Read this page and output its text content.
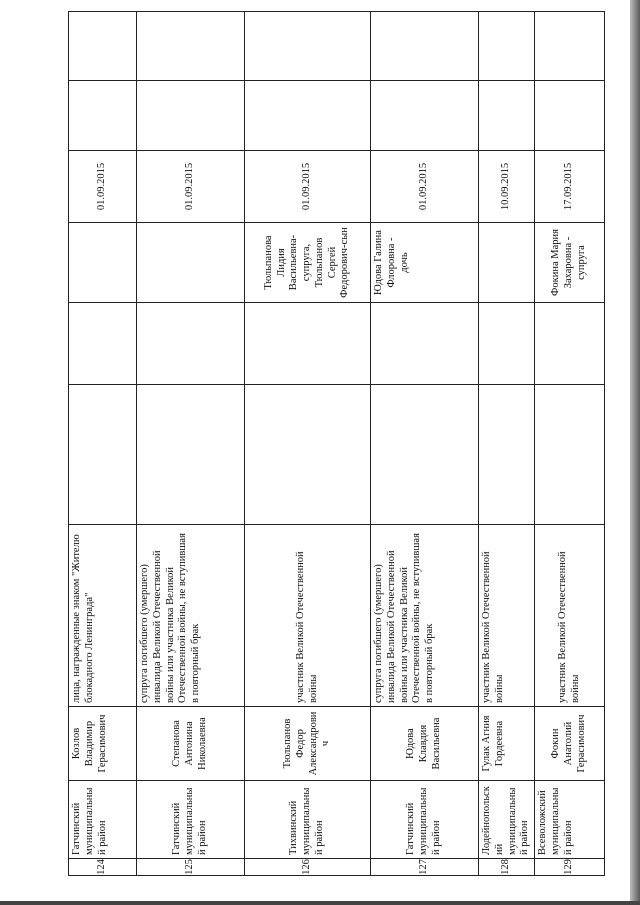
124	Гатчинский муниципальный район	Козлов Владимир Герасимович	лица, награжденные знаком "Жителю блокадного Ленинграда"				01.09.2015		
125	Гатчинский муниципальный район	Степанова Антонина Николаевна	супруга погибшего (умершего) инвалида Великой Отечественной войны или участника Великой Отечественной войны, не вступившая в повторный брак				01.09.2015		
126	Тихвинский муниципальный район	Тюльпанов Федор Александрович	участник Великой Отечественной войны			Тюльпанова Лидия Васильевна- супруга, Тюльпанов Сергей Федорович-сын	01.09.2015		
127	Гатчинский муниципальный район	Юдова Клавдия Васильевна	супруга погибшего (умершего) инвалида Великой Отечественной войны или участника Великой Отечественной войны, не вступившая в повторный брак			Юдова Галина Флоровна - дочь	01.09.2015		
128	Лодейнопольский муниципальный район	Гулак Агния Гордеевна	участник Великой Отечественной войны				10.09.2015		
129	Всеволожский муниципальный район	Фокин Анатолий Герасимович	участник Великой Отечественной войны			Фокина Мария Захаровна - супруга	17.09.2015		
